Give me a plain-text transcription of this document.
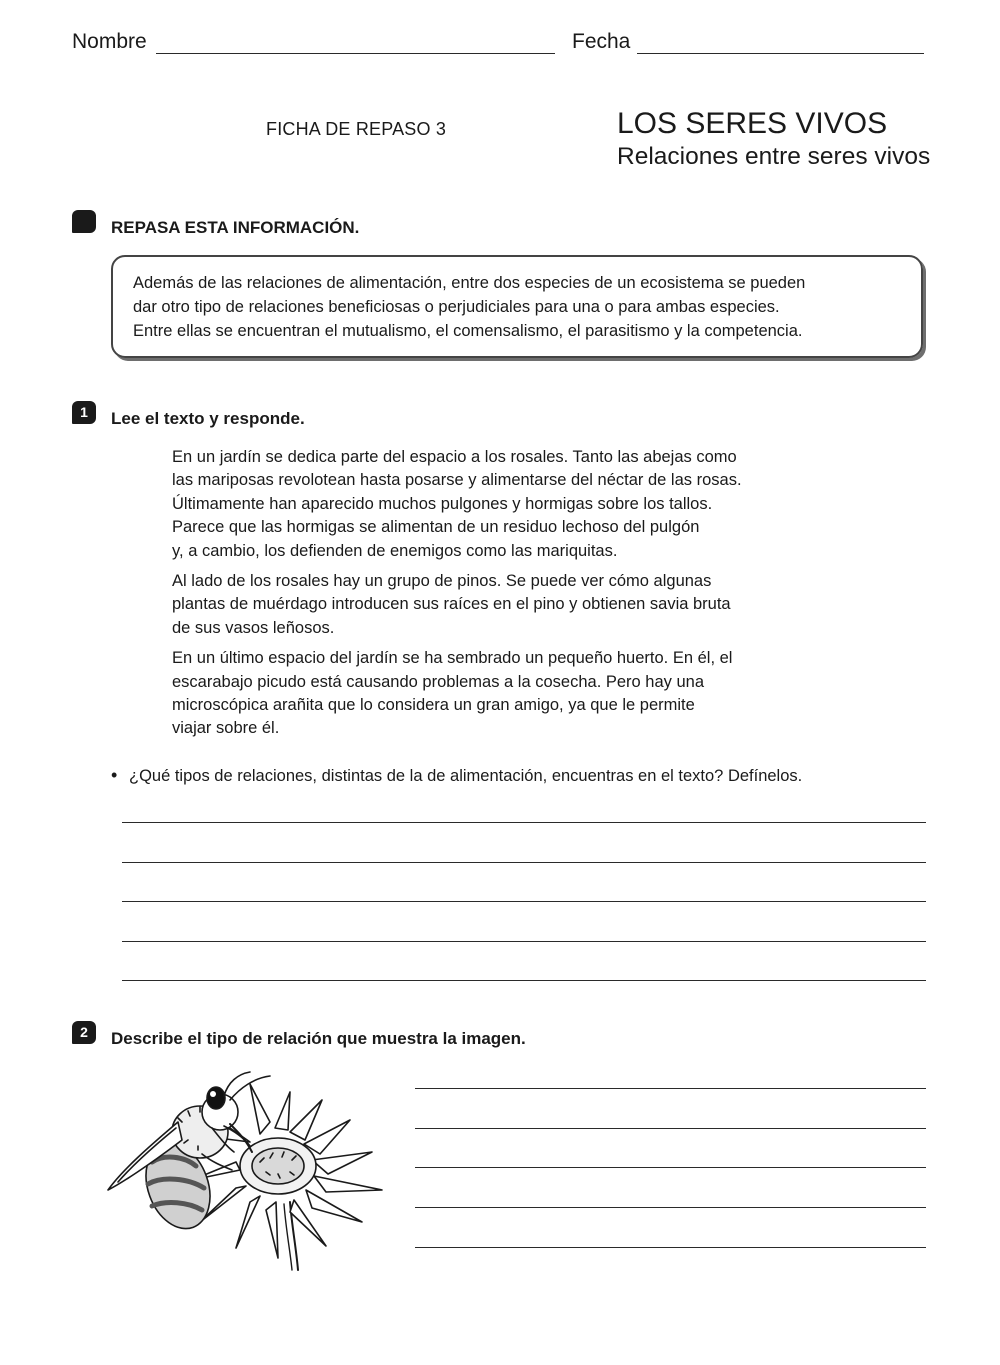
Nombre	Fecha
FICHA DE REPASO 3	LOS SERES VIVOS
Relaciones entre seres vivos
REPASA ESTA INFORMACIÓN.

Además de las relaciones de alimentación, entre dos especies de un ecosistema se pueden

dar otro tipo de relaciones beneficiosas o perjudiciales para una o para ambas especies.

Entre ellas se encuentran el mutualismo, el comensalismo, el parasitismo y la competencia.

1	Lee el texto y responde.

En un jardín se dedica parte del espacio a los rosales. Tanto las abejas como
las mariposas revolotean hasta posarse y alimentarse del néctar de las rosas.
Últimamente han aparecido muchos pulgones y hormigas sobre los tallos.
Parece que las hormigas se alimentan de un residuo lechoso del pulgón
y, a cambio, los defienden de enemigos como las mariquitas.

Al lado de los rosales hay un grupo de pinos. Se puede ver cómo algunas
plantas de muérdago introducen sus raíces en el pino y obtienen savia bruta
de sus vasos leñosos.

En un último espacio del jardín se ha sembrado un pequeño huerto. En él, el
escarabajo picudo está causando problemas a la cosecha. Pero hay una
microscópica arañita que lo considera un gran amigo, ya que le permite
viajar sobre él.

• ¿Qué tipos de relaciones, distintas de la de alimentación, encuentras en el texto? Defínelos.
2	Describe el tipo de relación que muestra la imagen.
